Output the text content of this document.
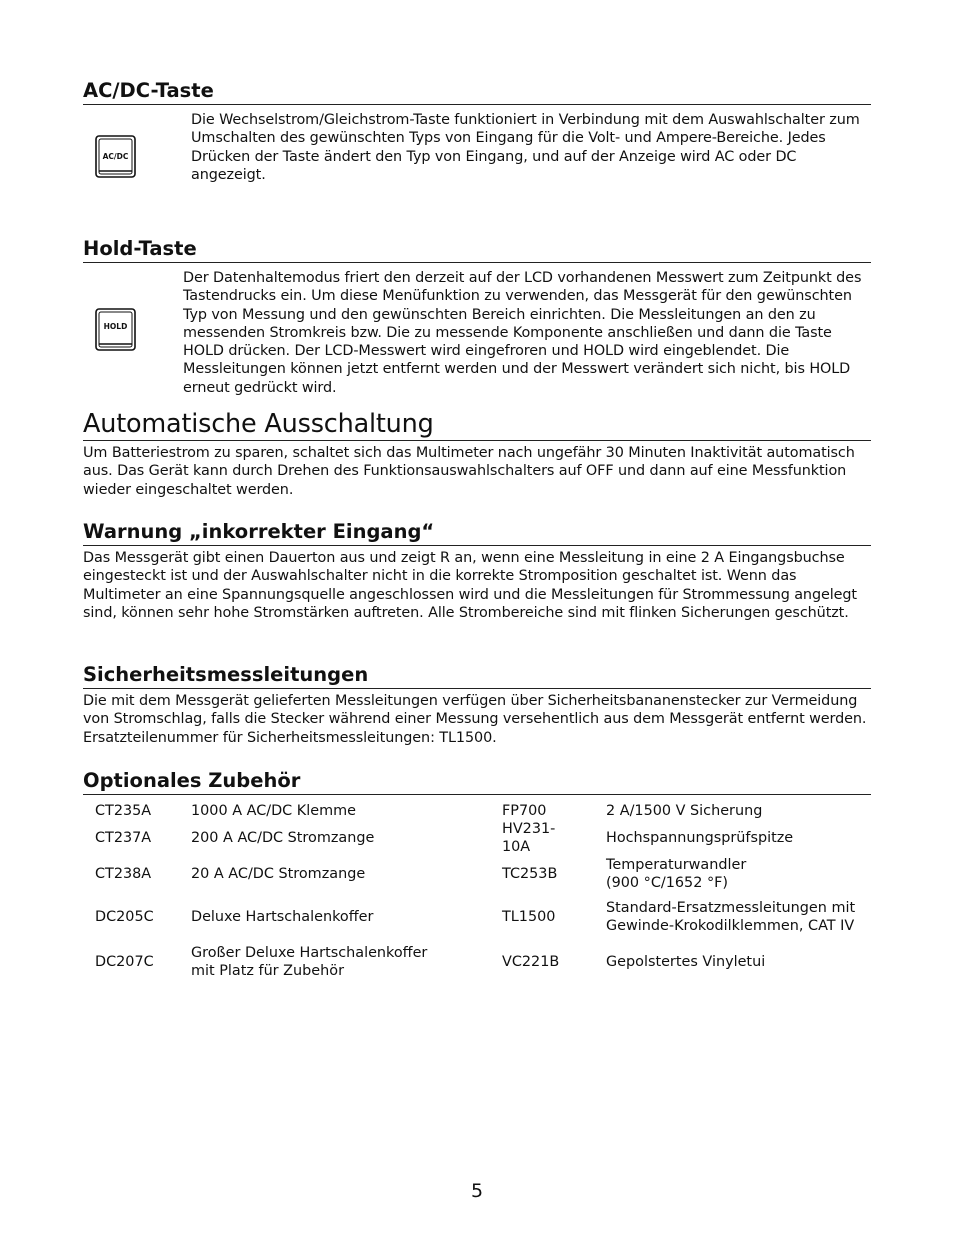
AC/DC-Taste
AC/DC

Die Wechselstrom/Gleichstrom-Taste funktioniert in Verbindung mit dem Auswahlschalter zum Umschalten des gewünschten Typs von Eingang für die Volt- und Ampere-Bereiche. Jedes Drücken der Taste ändert den Typ von Eingang, und auf der Anzeige wird AC oder DC angezeigt.

Hold-Taste
HOLD

Der Datenhaltemodus friert den derzeit auf der LCD vorhandenen Messwert zum Zeitpunkt des Tastendrucks ein. Um diese Menüfunktion zu verwenden, das Messgerät für den gewünschten Typ von Messung und den gewünschten Bereich einrichten. Die Messleitungen an den zu messenden Stromkreis bzw. Die zu messende Komponente anschließen und dann die Taste HOLD drücken. Der LCD-Messwert wird eingefroren und HOLD wird eingeblendet. Die Messleitungen können jetzt entfernt werden und der Messwert verändert sich nicht, bis HOLD erneut gedrückt wird.

Automatische Ausschaltung

Um Batteriestrom zu sparen, schaltet sich das Multimeter nach ungefähr 30 Minuten Inaktivität automatisch aus. Das Gerät kann durch Drehen des Funktionsauswahlschalters auf OFF und dann auf eine Messfunktion wieder eingeschaltet werden.

Warnung „inkorrekter Eingang“

Das Messgerät gibt einen Dauerton aus und zeigt R an, wenn eine Messleitung in eine 2 A Eingangsbuchse eingesteckt ist und der Auswahlschalter nicht in die korrekte Stromposition geschaltet ist. Wenn das Multimeter an eine Spannungsquelle angeschlossen wird und die Messleitungen für Strommessung angelegt sind, können sehr hohe Stromstärken auftreten. Alle Strombereiche sind mit flinken Sicherungen geschützt.

Sicherheitsmessleitungen

Die mit dem Messgerät gelieferten Messleitungen verfügen über Sicherheitsbananenstecker zur Vermeidung von Stromschlag, falls die Stecker während einer Messung versehentlich aus dem Messgerät entfernt werden. Ersatzteilenummer für Sicherheitsmessleitungen: TL1500.

Optionales Zubehör
CT235A	1000 A AC/DC Klemme	FP700	2 A/1500 V Sicherung
CT237A	200 A AC/DC Stromzange	HV231-10A	Hochspannungsprüfspitze
CT238A	20 A AC/DC Stromzange	TC253B	Temperaturwandler (900 °C/1652 °F)
DC205C	Deluxe Hartschalenkoffer	TL1500	Standard-Ersatzmessleitungen mit Gewinde-Krokodilklemmen, CAT IV
DC207C	Großer Deluxe Hartschalenkoffer mit Platz für Zubehör	VC221B	Gepolstertes Vinyletui
5
